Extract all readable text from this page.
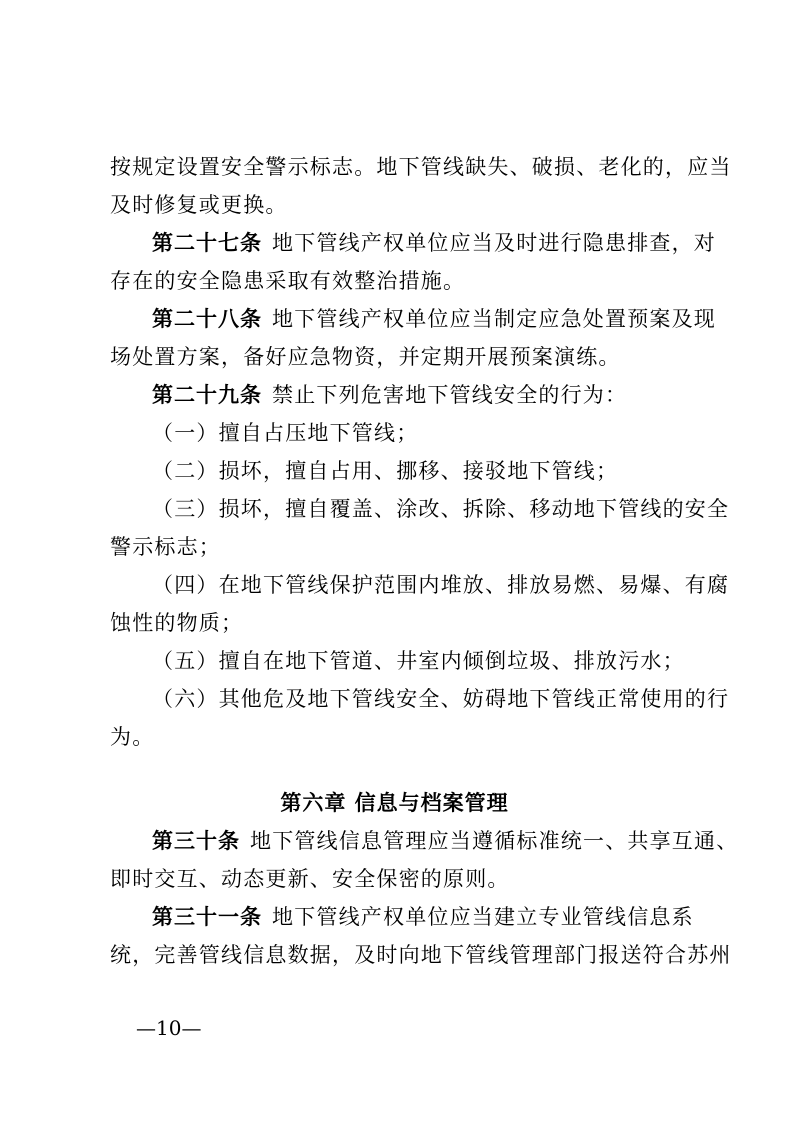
按规定设置安全警示标志。地下管线缺失、破损、老化的，应当
及时修复或更换。
第二十七条 地下管线产权单位应当及时进行隐患排查，对
存在的安全隐患采取有效整治措施。
第二十八条 地下管线产权单位应当制定应急处置预案及现
场处置方案，备好应急物资，并定期开展预案演练。
第二十九条 禁止下列危害地下管线安全的行为：
（一）擅自占压地下管线；
（二）损坏，擅自占用、挪移、接驳地下管线；
（三）损坏，擅自覆盖、涂改、拆除、移动地下管线的安全
警示标志；
（四）在地下管线保护范围内堆放、排放易燃、易爆、有腐
蚀性的物质；
（五）擅自在地下管道、井室内倾倒垃圾、排放污水；
（六）其他危及地下管线安全、妨碍地下管线正常使用的行
为。
第六章 信息与档案管理
第三十条 地下管线信息管理应当遵循标准统一、共享互通、
即时交互、动态更新、安全保密的原则。
第三十一条 地下管线产权单位应当建立专业管线信息系
统，完善管线信息数据，及时向地下管线管理部门报送符合苏州
—10—
